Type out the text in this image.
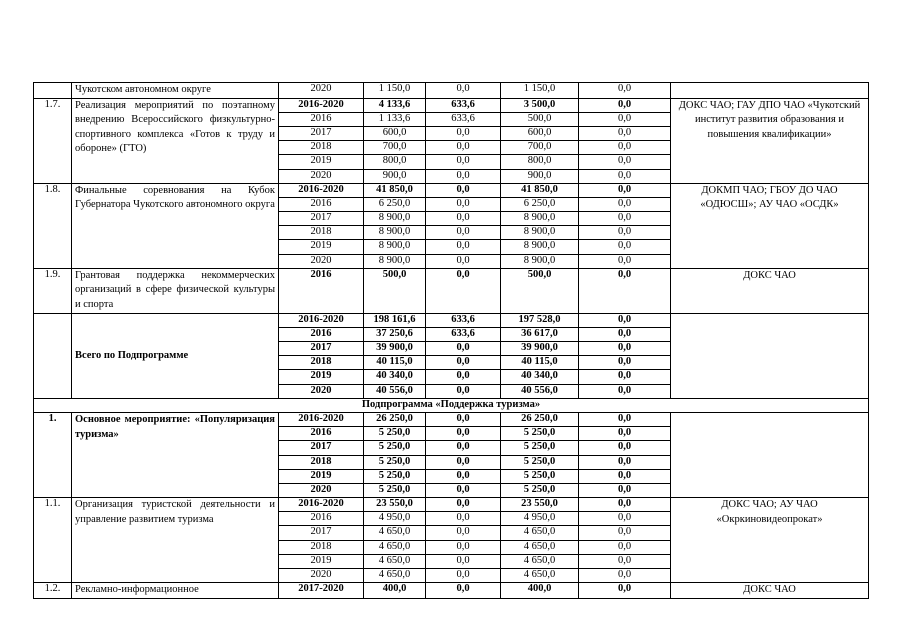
	Чукотском автономном округе	2020	1 150,0	0,0	1 150,0	0,0	
1.7.	Реализация мероприятий по поэтапному внедрению Всероссийского физкультурно-спортивного комплекса «Готов к труду и обороне» (ГТО)	2016-2020	4 133,6	633,6	3 500,0	0,0	ДОКС ЧАО; ГАУ ДПО ЧАО «Чукотский институт развития образования и повышения квалификации»
		2016	1 133,6	633,6	500,0	0,0	
		2017	600,0	0,0	600,0	0,0	
		2018	700,0	0,0	700,0	0,0	
		2019	800,0	0,0	800,0	0,0	
		2020	900,0	0,0	900,0	0,0	
1.8.	Финальные соревнования на Кубок Губернатора Чукотского автономного округа	2016-2020	41 850,0	0,0	41 850,0	0,0	ДОКМП ЧАО; ГБОУ ДО ЧАО «ОДЮСШ»; АУ ЧАО «ОСДК»
		2016	6 250,0	0,0	6 250,0	0,0	
		2017	8 900,0	0,0	8 900,0	0,0	
		2018	8 900,0	0,0	8 900,0	0,0	
		2019	8 900,0	0,0	8 900,0	0,0	
		2020	8 900,0	0,0	8 900,0	0,0	
1.9.	Грантовая поддержка некоммерческих организаций в сфере физической культуры и спорта	2016	500,0	0,0	500,0	0,0	ДОКС ЧАО
	Всего по Подпрограмме	2016-2020	198 161,6	633,6	197 528,0	0,0	
		2016	37 250,6	633,6	36 617,0	0,0	
		2017	39 900,0	0,0	39 900,0	0,0	
		2018	40 115,0	0,0	40 115,0	0,0	
		2019	40 340,0	0,0	40 340,0	0,0	
		2020	40 556,0	0,0	40 556,0	0,0	
Подпрограмма «Поддержка туризма»							
1.	Основное мероприятие: «Популяризация туризма»	2016-2020	26 250,0	0,0	26 250,0	0,0	
		2016	5 250,0	0,0	5 250,0	0,0	
		2017	5 250,0	0,0	5 250,0	0,0	
		2018	5 250,0	0,0	5 250,0	0,0	
		2019	5 250,0	0,0	5 250,0	0,0	
		2020	5 250,0	0,0	5 250,0	0,0	
1.1.	Организация туристской деятельности и управление развитием туризма	2016-2020	23 550,0	0,0	23 550,0	0,0	ДОКС ЧАО; АУ ЧАО «Окркиновидеопрокат»
		2016	4 950,0	0,0	4 950,0	0,0	
		2017	4 650,0	0,0	4 650,0	0,0	
		2018	4 650,0	0,0	4 650,0	0,0	
		2019	4 650,0	0,0	4 650,0	0,0	
		2020	4 650,0	0,0	4 650,0	0,0	
1.2.	Рекламно-информационное	2017-2020	400,0	0,0	400,0	0,0	ДОКС ЧАО
